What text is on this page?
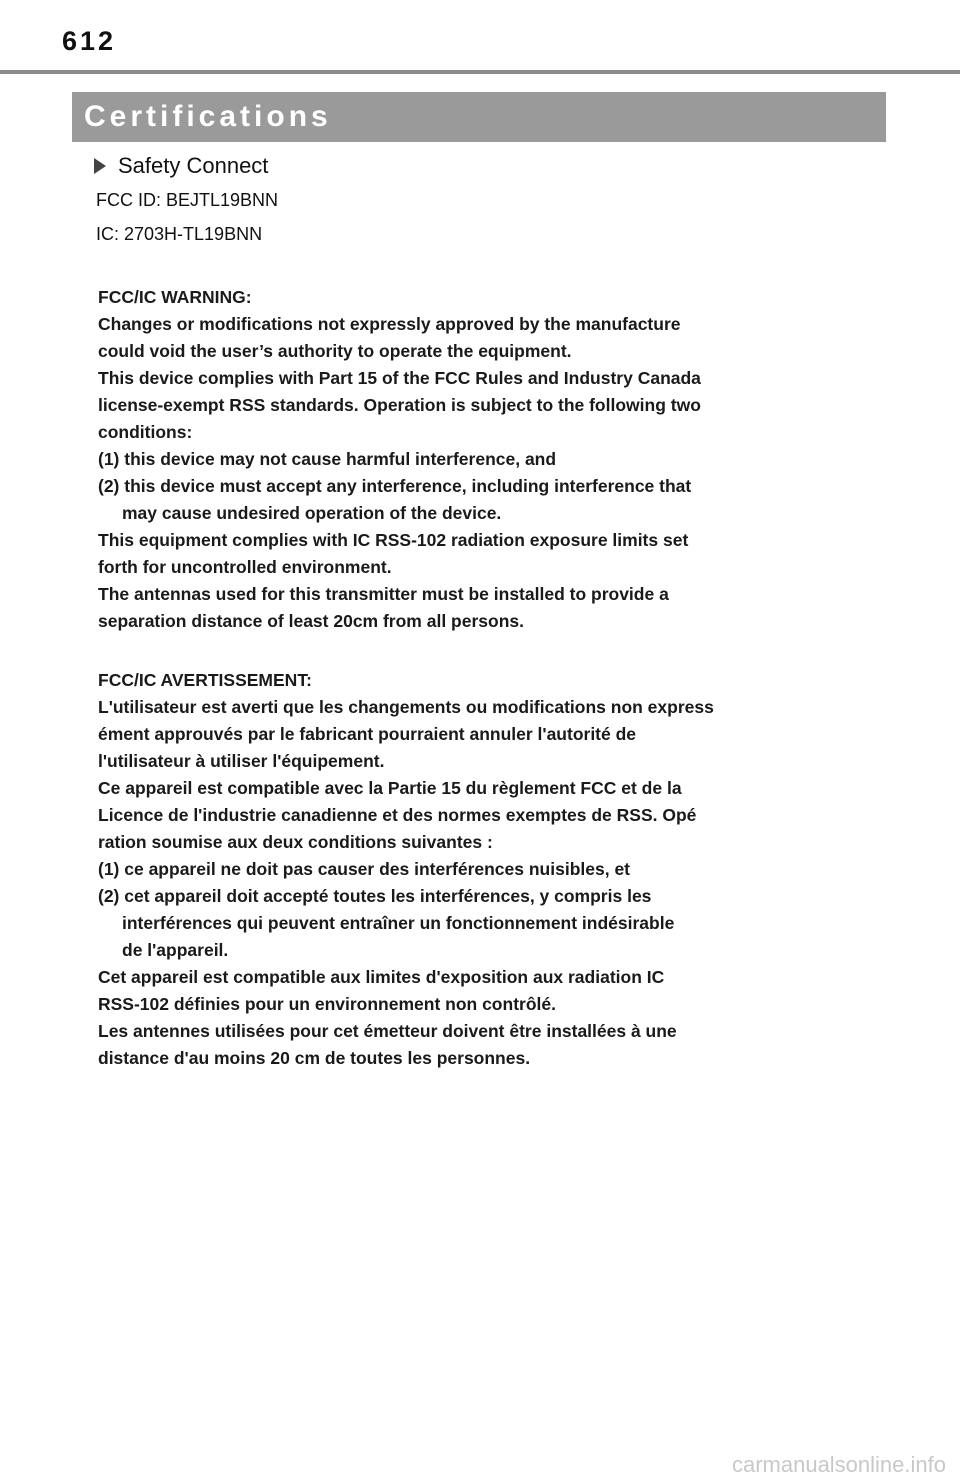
612
Certifications
Safety Connect
FCC ID: BEJTL19BNN
IC: 2703H-TL19BNN

FCC/IC WARNING:

Changes or modifications not expressly approved by the manufacture

could void the user’s authority to operate the equipment.

This device complies with Part 15 of the FCC Rules and Industry Canada

license-exempt RSS standards. Operation is subject to the following two

conditions:

(1) this device may not cause harmful interference, and

(2) this device must accept any interference, including interference that

may cause undesired operation of the device.

This equipment complies with IC RSS-102 radiation exposure limits set

forth for uncontrolled environment.

The antennas used for this transmitter must be installed to provide a

separation distance of least 20cm from all persons.

FCC/IC AVERTISSEMENT:

L'utilisateur est averti que les changements ou modifications non express

ément approuvés par le fabricant pourraient annuler l'autorité de

l'utilisateur à utiliser l'équipement.

Ce appareil est compatible avec la Partie 15 du règlement FCC et de la

Licence de l'industrie canadienne et des normes exemptes de RSS. Opé

ration soumise aux deux conditions suivantes :

(1) ce appareil ne doit pas causer des interférences nuisibles, et

(2) cet appareil doit accepté toutes les interférences, y compris les

interférences qui peuvent entraîner un fonctionnement indésirable

de l'appareil.

Cet appareil est compatible aux limites d'exposition aux radiation IC

RSS-102 définies pour un environnement non contrôlé.

Les antennes utilisées pour cet émetteur doivent être installées à une

distance d'au moins 20 cm de toutes les personnes.

carmanualsonline.info
